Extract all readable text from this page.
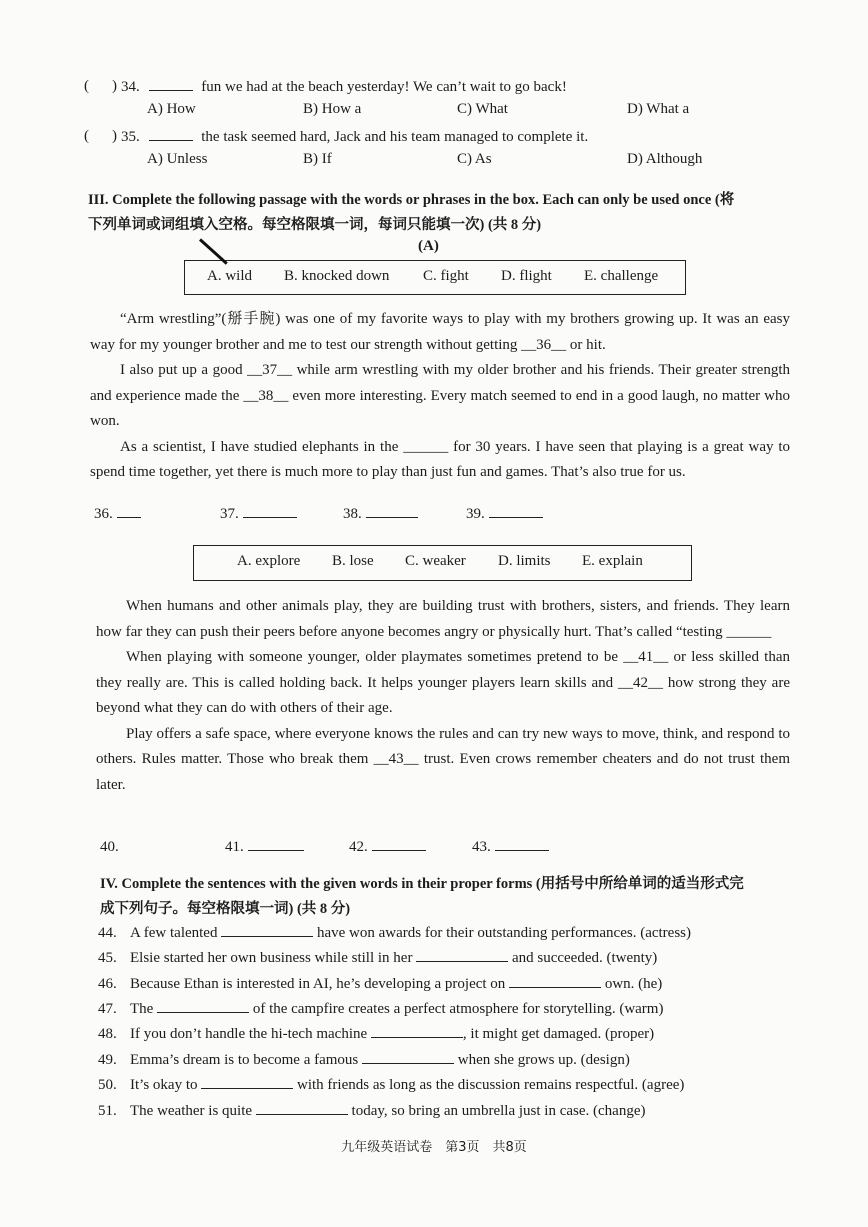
( ) 34.	fun we had at the beach yesterday! We can’t wait to go back!
A) How	B) How a	C) What	D) What a
( ) 35.	the task seemed hard, Jack and his team managed to complete it.
A) Unless	B) If	C) As	D) Although
III. Complete the following passage with the words or phrases in the box. Each can only be used once (将
下列单词或词组填入空格。每空格限填一词，每词只能填一次) (共 8 分)
(A)
A. wild B. knocked down C. fight D. flight E. challenge

“Arm wrestling”(掰手腕) was one of my favorite ways to play with my brothers growing up. It was an easy way for my younger brother and me to test our strength without getting __36__ or hit.

I also put up a good __37__ while arm wrestling with my older brother and his friends. Their greater strength and experience made the __38__ even more interesting. Every match seemed to end in a good laugh, no matter who won.

As a scientist, I have studied elephants in the ______ for 30 years. I have seen that playing is a great way to spend time together, yet there is much more to play than just fun and games. That’s also true for us.

36.	37.	38.	39.
A. explore B. lose C. weaker D. limits E. explain

When humans and other animals play, they are building trust with brothers, sisters, and friends. They learn how far they can push their peers before anyone becomes angry or physically hurt. That’s called “testing ______

When playing with someone younger, older playmates sometimes pretend to be __41__ or less skilled than they really are. This is called holding back. It helps younger players learn skills and __42__ how strong they are beyond what they can do with others of their age.

Play offers a safe space, where everyone knows the rules and can try new ways to move, think, and respond to others. Rules matter. Those who break them __43__ trust. Even crows remember cheaters and do not trust them later.

40.	41.	42.	43.
IV. Complete the sentences with the given words in their proper forms (用括号中所给单词的适当形式完
成下列句子。每空格限填一词) (共 8 分)
44. A few talented	have won awards for their outstanding performances. (actress)
45. Elsie started her own business while still in her	and succeeded. (twenty)
46. Because Ethan is interested in AI, he’s developing a project on	own. (he)
47. The	of the campfire creates a perfect atmosphere for storytelling. (warm)
48. If you don’t handle the hi-tech machine	, it might get damaged. (proper)
49. Emma’s dream is to become a famous	when she grows up. (design)
50. It’s okay to	with friends as long as the discussion remains respectful. (agree)
51. The weather is quite	today, so bring an umbrella just in case. (change)
九年级英语试卷　第3页　共8页
